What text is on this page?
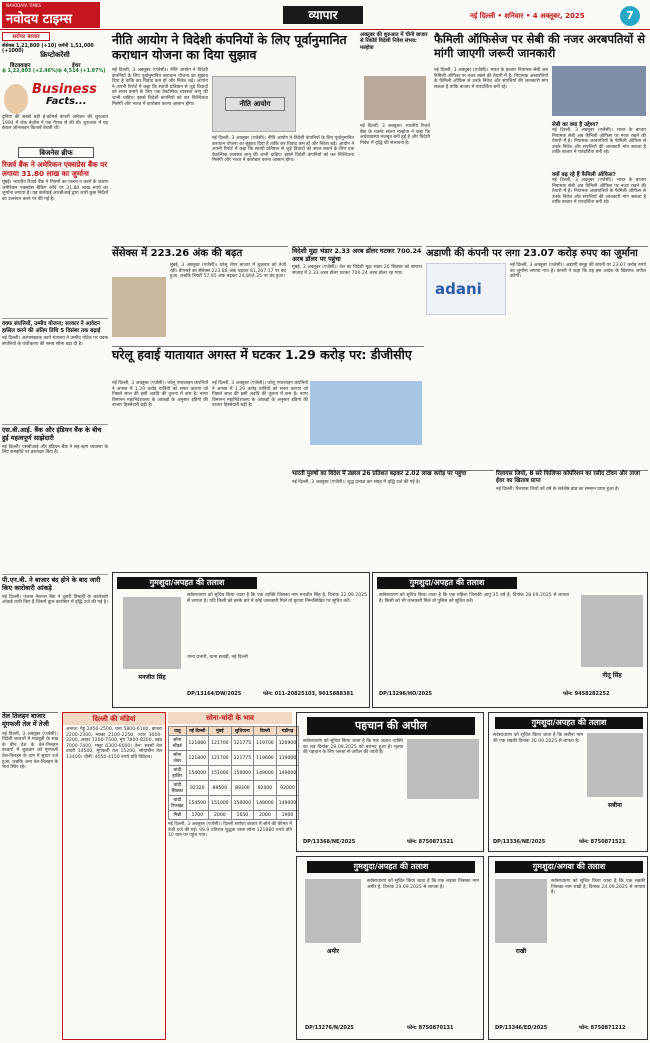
NAVODAYA TIMES
नवोदय टाइम्स	व्यापार	नई दिल्ली • शनिवार • 4 अक्तूबर, 2025	7
सर्राफा बाजार
सेंसेक्स 1,21,800 (+10) जर्मनी 1,51,000 (+1000)	क्रिप्टोकरेंसी
बिटक्वाइन	ईथर
₿ 1,22,803 (+2.46%) ₿ 4,514 (+1.97%)
Business
Facts...
दुनिया की सबसे बड़ी ई-कॉमर्स कंपनी अमेज़न की शुरुआत 1994 में जेफ बेज़ोस ने एक गैराज से की थी। शुरुआत में यह केवल ऑनलाइन किताबें बेचती थी।
बिजनेस ब्रीफ
रिजर्व बैंक ने अमेरिकन एक्सप्रेस बैंक पर लगाया 31.80 लाख का जुर्माना
मुंबई। भारतीय रिजर्व बैंक ने नियमों का पालन न करने के कारण अमेरिकन एक्सप्रेस बैंकिंग कॉर्प पर 31.80 लाख रुपये का जुर्माना लगाया है। यह कार्रवाई आरबीआई द्वारा जारी कुछ निर्देशों का उल्लंघन करने पर की गई है।
वक्फ संपत्तियों, उम्मीद योजना; सरकार ने आवेदन हासिल करने की अंतिम तिथि 5 दिसंबर तक बढ़ाई
नई दिल्ली। अल्पसंख्यक कार्य मंत्रालय ने उम्मीद पोर्टल पर वक्फ संपत्तियों के पंजीकरण की समय सीमा बढ़ा दी है।
एस.बी.आई. बैंक और इंडियन बैंक के बीच हुई महत्वपूर्ण साझेदारी
नई दिल्ली। एसबीआई और इंडियन बैंक ने सह-ऋण व्यवस्था के लिए समझौते पर हस्ताक्षर किए हैं।
पी.एन.बी. ने बाजार बंद होने के बाद जारी किए कारोबारी आंकड़े
नई दिल्ली। पंजाब नेशनल बैंक ने दूसरी तिमाही के कारोबारी आंकड़े जारी किए हैं जिसमें कुल कारोबार में वृद्धि दर्ज की गई है।
नीति आयोग ने विदेशी कंपनियों के लिए पूर्वानुमानित कराधान योजना का दिया सुझाव
नीति आयोग
नई दिल्ली, 3 अक्तूबर (एजेंसी)। नीति आयोग ने विदेशी कंपनियों के लिए पूर्वानुमानित कराधान योजना का सुझाव दिया है ताकि कर विवाद कम हों और निवेश बढ़े। आयोग ने अपनी रिपोर्ट में कहा कि स्थायी प्रतिष्ठान से जुड़े विवादों को सरल बनाने के लिए एक वैकल्पिक व्यवस्था लागू की जानी चाहिए। इससे विदेशी कंपनियों को कर निश्चितता मिलेगी और भारत में कारोबार करना आसान होगा।
नई दिल्ली, 3 अक्तूबर (एजेंसी)। नीति आयोग ने विदेशी कंपनियों के लिए पूर्वानुमानित कराधान योजना का सुझाव दिया है ताकि कर विवाद कम हों और निवेश बढ़े। आयोग ने अपनी रिपोर्ट में कहा कि स्थायी प्रतिष्ठान से जुड़े विवादों को सरल बनाने के लिए एक वैकल्पिक व्यवस्था लागू की जानी चाहिए। इससे विदेशी कंपनियों को कर निश्चितता मिलेगी और भारत में कारोबार करना आसान होगा।
अक्तूबर की शुरुआत में चीनी बाजार से रिकॉर्ड विदेशी निवेश संभव: मल्होत्रा
नई दिल्ली, 3 अक्तूबर। भारतीय रिजर्व बैंक के गवर्नर संजय मल्होत्रा ने कहा कि अर्थव्यवस्था मजबूत बनी हुई है और विदेशी निवेश में वृद्धि की संभावना है।
फैमिली ऑफिसेज पर सेबी की नजर अरबपतियों से मांगी जाएगी जरूरी जानकारी
नई दिल्ली, 3 अक्तूबर (एजेंसी)। भारत के बाजार नियामक सेबी अब फैमिली ऑफिस पर नजर रखने की तैयारी में है। नियामक अरबपतियों के फैमिली ऑफिस से उनके निवेश और संपत्तियों की जानकारी मांग सकता है ताकि बाजार में पारदर्शिता बनी रहे।
सेबी का क्या है उद्देश्य?
नई दिल्ली, 3 अक्तूबर (एजेंसी)। भारत के बाजार नियामक सेबी अब फैमिली ऑफिस पर नजर रखने की तैयारी में है। नियामक अरबपतियों के फैमिली ऑफिस से उनके निवेश और संपत्तियों की जानकारी मांग सकता है ताकि बाजार में पारदर्शिता बनी रहे।
क्यों बढ़ रहे हैं फैमिली ऑफिस?
नई दिल्ली, 3 अक्तूबर (एजेंसी)। भारत के बाजार नियामक सेबी अब फैमिली ऑफिस पर नजर रखने की तैयारी में है। नियामक अरबपतियों के फैमिली ऑफिस से उनके निवेश और संपत्तियों की जानकारी मांग सकता है ताकि बाजार में पारदर्शिता बनी रहे।
सेंसेक्स में 223.26 अंक की बढ़त
मुंबई, 3 अक्तूबर (एजेंसी)। घरेलू शेयर बाजार में शुक्रवार को तेजी रही। बीएसई का सेंसेक्स 223.86 अंक चढ़कर 81,207.17 पर बंद हुआ, जबकि निफ्टी 57.95 अंक बढ़कर 24,894.25 पर बंद हुआ।
विदेशी मुद्रा भंडार 2.33 अरब डॉलर घटकर 700.24 अरब डॉलर पर पहुंचा
मुंबई, 3 अक्तूबर (एजेंसी)। देश का विदेशी मुद्रा भंडार 26 सितंबर को समाप्त सप्ताह में 2.33 अरब डॉलर घटकर 700.24 अरब डॉलर रह गया।
अडाणी की कंपनी पर लगा 23.07 करोड़ रुपए का जुर्माना
adani
नई दिल्ली, 3 अक्तूबर (एजेंसी)। अडाणी समूह की कंपनी पर 23.07 करोड़ रुपये का जुर्माना लगाया गया है। कंपनी ने कहा कि वह इस आदेश के खिलाफ अपील करेगी।
घरेलू हवाई यातायात अगस्त में घटकर 1.29 करोड़ पर: डीजीसीए
नई दिल्ली, 3 अक्तूबर (एजेंसी)। घरेलू एयरलाइन कंपनियों ने अगस्त में 1.29 करोड़ यात्रियों को सफर कराया जो पिछले साल की इसी अवधि की तुलना में कम है। नागर विमानन महानिदेशालय के आंकड़ों के अनुसार इंडिगो की बाजार हिस्सेदारी बढ़ी है।
नई दिल्ली, 3 अक्तूबर (एजेंसी)। घरेलू एयरलाइन कंपनियों ने अगस्त में 1.29 करोड़ यात्रियों को सफर कराया जो पिछले साल की इसी अवधि की तुलना में कम है। नागर विमानन महानिदेशालय के आंकड़ों के अनुसार इंडिगो की बाजार हिस्सेदारी बढ़ी है।
भारती पुरुषों का विदेश में उछाल 26 प्रतिशत बढ़कर 2.02 लाख करोड़ पर पहुंचा
नई दिल्ली, 3 अक्तूबर (एजेंसी)। शुद्ध प्रत्यक्ष कर संग्रह में वृद्धि दर्ज की गई है।
रिलायंस जियो, 8 सरे फिलिप्स कॉर्पोरेशन का रसीद टॉवन और ताजा ईवर का खिताब प्राप्त
नई दिल्ली। रिलायंस जियो को वर्ष के सर्वश्रेष्ठ ब्रांड का सम्मान प्राप्त हुआ है।
गुमशुदा/अपहत की तलाश
मनजीत सिंह
सर्वसाधारण को सूचित किया जाता है कि एक व्यक्ति जिसका नाम मनजीत सिंह है, दिनांक 22.09.2025 से लापता है। यदि किसी को इनके बारे में कोई जानकारी मिले तो कृपया निम्नलिखित पर सूचित करें।
थाना प्रभारी, थाना डाबड़ी, नई दिल्ली
DP/13164/DW/2025	फोन: 011-20825103, 9015888381
गुमशुदा/अपहत की तलाश
सर्वसाधारण को सूचित किया जाता है कि एक महिला जिसकी आयु 35 वर्ष है, दिनांक 28.09.2025 से लापता है। किसी को भी जानकारी मिले तो पुलिस को सूचित करें।
नीतू सिंह
DP/13296/HO/2025	फोन: 9458282252
तेल तिलहन बाजार मूंगफली तेल में तेजी
नई दिल्ली, 3 अक्तूबर (एजेंसी)। विदेशी बाजारों में मजबूती के रुख के बीच देश के तेल-तिलहन बाजारों में शुक्रवार को मूंगफली तेल-तिलहन के दाम में सुधार दर्ज हुआ, जबकि अन्य तेल-तिलहन के भाव स्थिर रहे।
दिल्ली की मंडियां
अनाज: गेहूं 2450-2500, चना 5800-6100, बाजरा 2200-2300, मक्का 2100-2250, ज्वार 3000-3200, अरहर 7200-7500, मूंग 7800-8200, उड़द 7000-7400, मसूर 6300-6600। तेल: सरसों तेल दादरी 14500, मूंगफली तेल 15200, सोयाबीन तेल 13400। चीनी: 4050-4150 रुपये प्रति क्विंटल।
सोना-चांदी के भाव
धातु	नई दिल्ली	मुंबई	लुधियाना	दिल्ली	चंडीगढ़
सोना स्टैंडर्ड	121880	121700	121775	119700	120900
सोना जेवर	121800	121700	121775	119600	119000
चांदी हाजिर	154000	151000	150000	149000	149000
चांदी सिक्का	92320	89500	89300	92000	92000
चांदी रिफाइंड	154500	151000	150000	149000	149000
गिन्नी	1700	2000	1650	2000	1900
नई दिल्ली, 3 अक्तूबर (एजेंसी)। दिल्ली सर्राफा बाजार में सोने की कीमत में तेजी दर्ज की गई। 99.9 प्रतिशत शुद्धता वाला सोना 121880 रुपये प्रति 10 ग्राम पर पहुंच गया।
पहचान की अपील
सर्वसाधारण को सूचित किया जाता है कि एक अज्ञात व्यक्ति का शव दिनांक 29.09.2025 को बरामद हुआ है। मृतक की पहचान के लिए जनता से अपील की जाती है।
DP/13368/NE/2025	फोन: 8750871521
गुमशुदा/अपहत की तलाश
अमीर
सर्वसाधारण को सूचित किया जाता है कि एक लड़का जिसका नाम अमीर है, दिनांक 29.09.2025 से लापता है।
DP/13276/N/2025	फोन: 8750870131
गुमशुदा/अपहत की तलाश
सर्वसाधारण को सूचित किया जाता है कि सबीना नाम की एक लड़की दिनांक 30.09.2025 से लापता है।
सबीना
DP/13336/NE/2025	फोन: 8750871521
गुमशुदा/अगवा की तलाश
राखी
सर्वसाधारण को सूचित किया जाता है कि एक लड़की जिसका नाम राखी है, दिनांक 24.09.2025 से लापता है।
DP/13346/ED/2025	फोन: 8750871212
